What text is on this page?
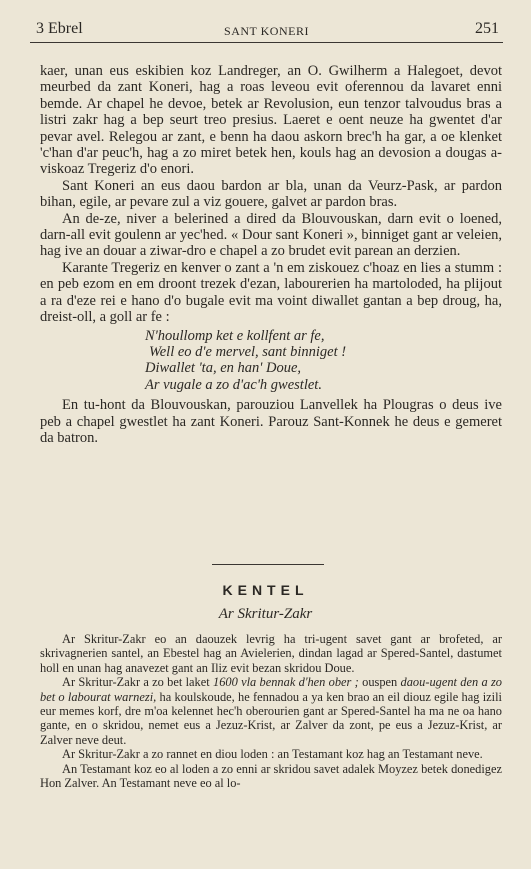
3 Ebrel	SANT KONERI	251

kaer, unan eus eskibien koz Landreger, an O. Gwilherm a Halegoet, devot meurbed da zant Koneri, hag a roas leveou evit oferennou da lavaret enni bemde. Ar chapel he devoe, betek ar Revolusion, eun tenzor talvoudus bras a listri zakr hag a bep seurt treo presius. Laeret e oent neuze ha gwentet d'ar pevar avel. Relegou ar zant, e benn ha daou askorn brec'h ha gar, a oe klenket 'c'han d'ar peuc'h, hag a zo miret betek hen, kouls hag an devosion a dougas a-viskoaz Tregeriz d'o enori.

Sant Koneri an eus daou bardon ar bla, unan da Veurz-Pask, ar pardon bihan, egile, ar pevare zul a viz gouere, galvet ar pardon bras.

An de-ze, niver a belerined a dired da Blouvouskan, darn evit o loened, darn-all evit goulenn ar yec'hed. « Dour sant Koneri », binniget gant ar veleien, hag ive an douar a ziwar-dro e chapel a zo brudet evit parean an derzien.

Karante Tregeriz en kenver o zant a 'n em ziskouez c'hoaz en lies a stumm : en peb ezom en em droont trezek d'ezan, labourerien ha martoloded, ha plijout a ra d'eze rei e hano d'o bugale evit ma voint diwallet gantan a bep droug, ha, dreist-oll, a goll ar fe :

N'houllomp ket e kollfent ar fe,
Well eo d'e mervel, sant binniget !
Diwallet 'ta, en han' Doue,
Ar vugale a zo d'ac'h gwestlet.

En tu-hont da Blouvouskan, parouziou Lanvellek ha Plougras o deus ive peb a chapel gwestlet ha zant Koneri. Parouz Sant-Konnek he deus e gemeret da batron.

KENTEL
Ar Skritur-Zakr

Ar Skritur-Zakr eo an daouzek levrig ha tri-ugent savet gant ar brofeted, ar skrivagnerien santel, an Ebestel hag an Avielerien, dindan lagad ar Spered-Santel, dastumet holl en unan hag anavezet gant an Iliz evit bezan skridou Doue.

Ar Skritur-Zakr a zo bet laket 1600 vla bennak d'hen ober ; ouspen daou-ugent den a zo bet o labourat warnezi, ha koulskoude, he fennadou a ya ken brao an eil diouz egile hag izili eur memes korf, dre m'oa kelennet hec'h oberourien gant ar Spered-Santel ha ma ne oa hano gante, en o skridou, nemet eus a Jezuz-Krist, ar Zalver da zont, pe eus a Jezuz-Krist, ar Zalver neve deut.

Ar Skritur-Zakr a zo rannet en diou loden : an Testamant koz hag an Testamant neve.

An Testamant koz eo al loden a zo enni ar skridou savet adalek Moyzez betek donedigez Hon Zalver. An Testamant neve eo al lo-
